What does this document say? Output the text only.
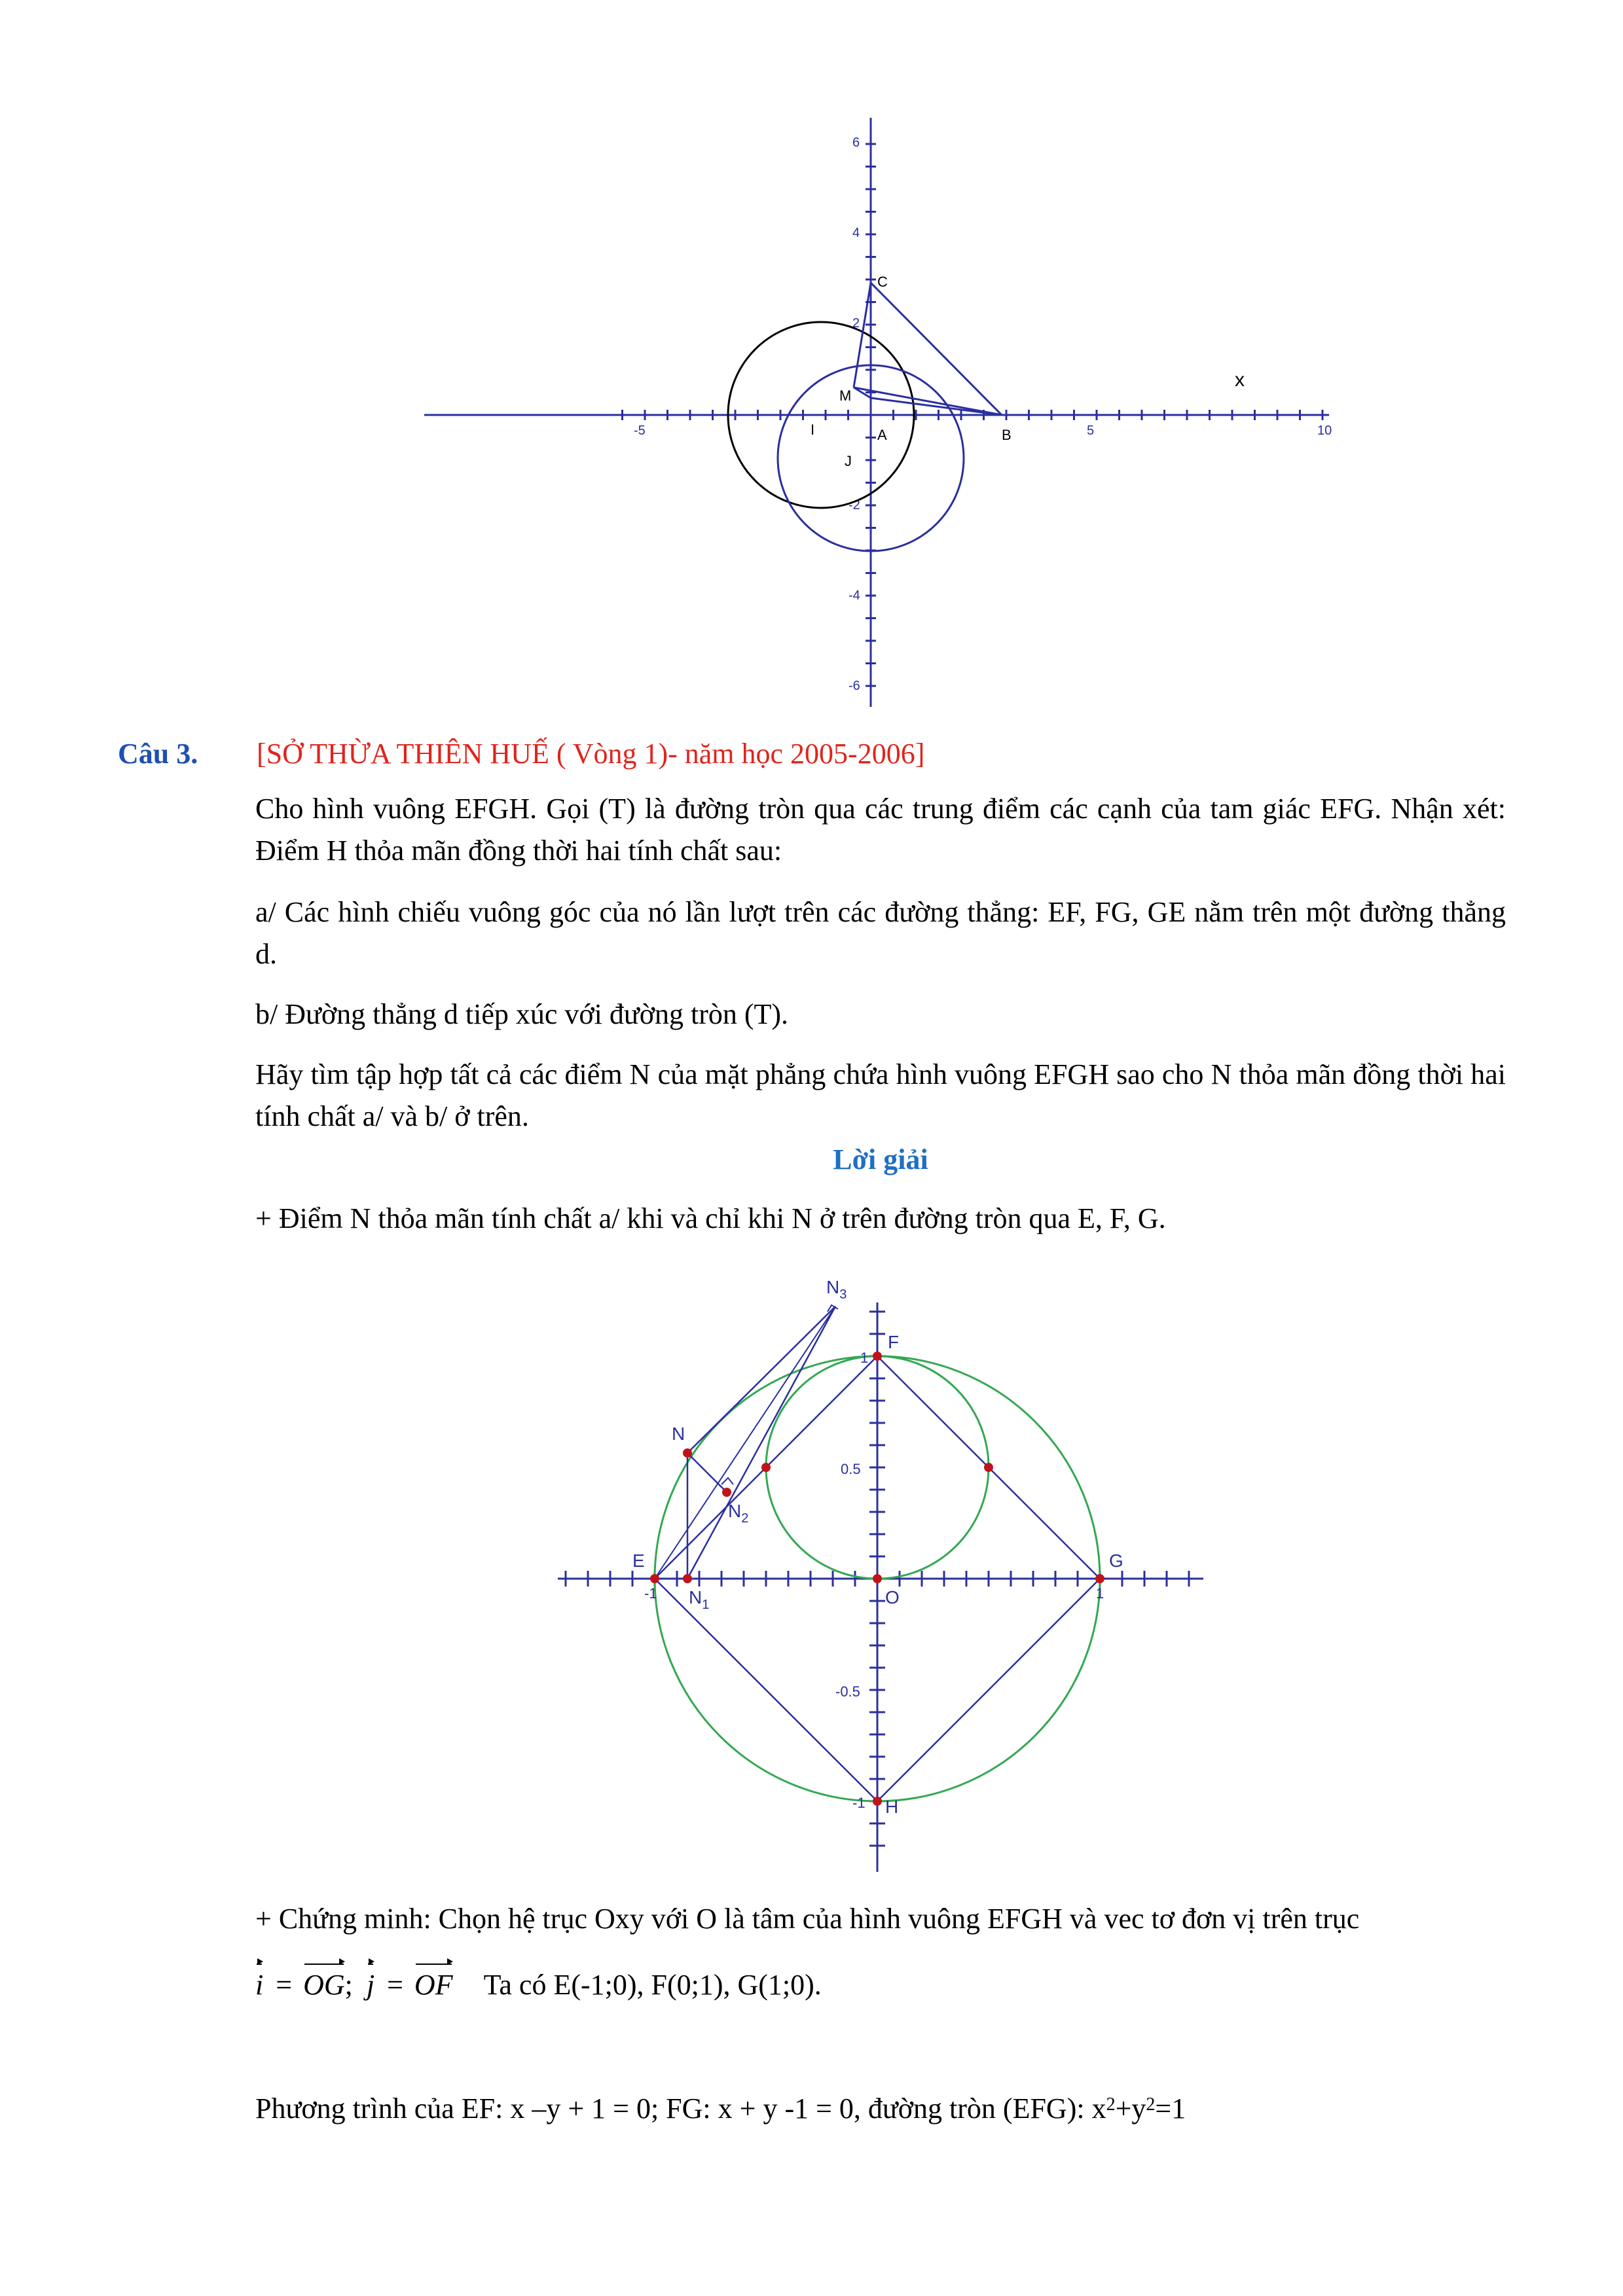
-5	5	10
6
4
2
-2
-4
-6
C
M
I	A	B
J
x
Câu 3.	[SỞ THỪA THIÊN HUẾ ( Vòng 1)- năm học 2005-2006]
Cho hình vuông EFGH. Gọi (T) là đường tròn qua các trung điểm các cạnh của tam giác EFG. Nhận xét: Điểm H thỏa mãn đồng thời hai tính chất sau:
a/ Các hình chiếu vuông góc của nó lần lượt trên các đường thẳng: EF, FG, GE nằm trên một đường thẳng d.
b/ Đường thẳng d tiếp xúc với đường tròn (T).
Hãy tìm tập hợp tất cả các điểm N của mặt phẳng chứa hình vuông EFGH sao cho N thỏa mãn đồng thời hai tính chất a/ và b/ ở trên.
Lời giải
+ Điểm N thỏa mãn tính chất a/ khi và chỉ khi N ở trên đường tròn qua E, F, G.
$N_3$
F
N
$N_2$
E
$N_1$
G
O
H
1
0.5
-1	1
-0.5
-1
+ Chứng minh: Chọn hệ trục Oxy với O là tâm của hình vuông EFGH và vec tơ đơn vị trên trục
i = OG; j = OF Ta có E(-1;0), F(0;1), G(1;0).
Phương trình của EF: x –y + 1 = 0; FG: x + y -1 = 0, đường tròn (EFG): $x^2+y^2=1$
